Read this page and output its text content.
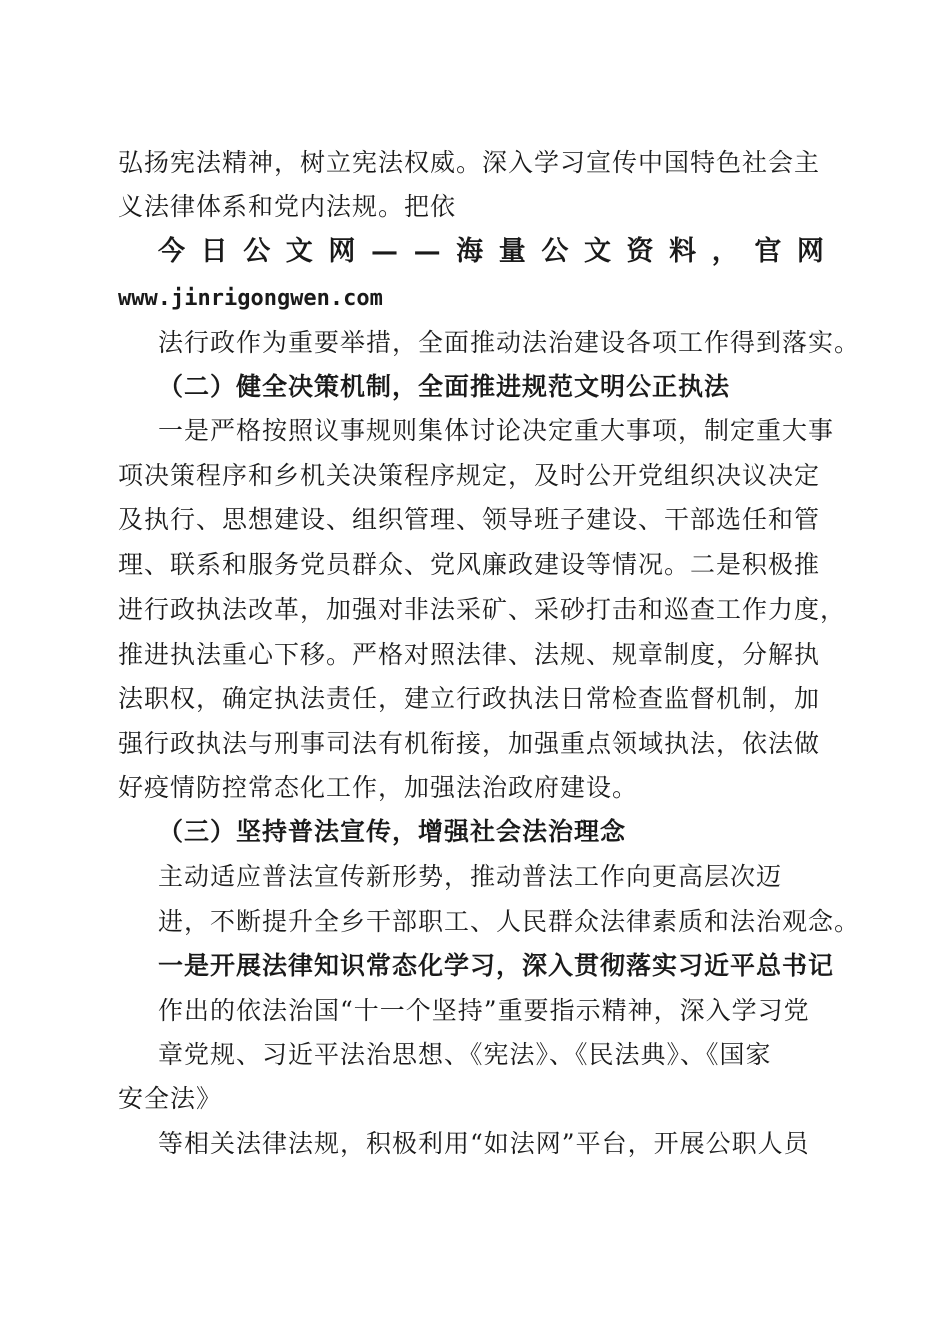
弘扬宪法精神，树立宪法权威。深入学习宣传中国特色社会主
义法律体系和党内法规。把依
今 日 公 文 网 — — 海 量 公 文 资 料 ， 官 网
www.jinrigongwen.com
法行政作为重要举措，全面推动法治建设各项工作得到落实。
（二）健全决策机制，全面推进规范文明公正执法
一是严格按照议事规则集体讨论决定重大事项，制定重大事
项决策程序和乡机关决策程序规定，及时公开党组织决议决定
及执行、思想建设、组织管理、领导班子建设、干部选任和管
理、联系和服务党员群众、党风廉政建设等情况。二是积极推
进行政执法改革，加强对非法采矿、采砂打击和巡查工作力度，
推进执法重心下移。严格对照法律、法规、规章制度，分解执
法职权，确定执法责任，建立行政执法日常检查监督机制，加
强行政执法与刑事司法有机衔接，加强重点领域执法，依法做
好疫情防控常态化工作，加强法治政府建设。
（三）坚持普法宣传，增强社会法治理念
主动适应普法宣传新形势，推动普法工作向更高层次迈
进，不断提升全乡干部职工、人民群众法律素质和法治观念。
一是开展法律知识常态化学习，深入贯彻落实习近平总书记
作出的依法治国“十一个坚持”重要指示精神，深入学习党
章党规、习近平法治思想、《宪法》、《民法典》、《国家
安全法》
等相关法律法规，积极利用“如法网”平台，开展公职人员
